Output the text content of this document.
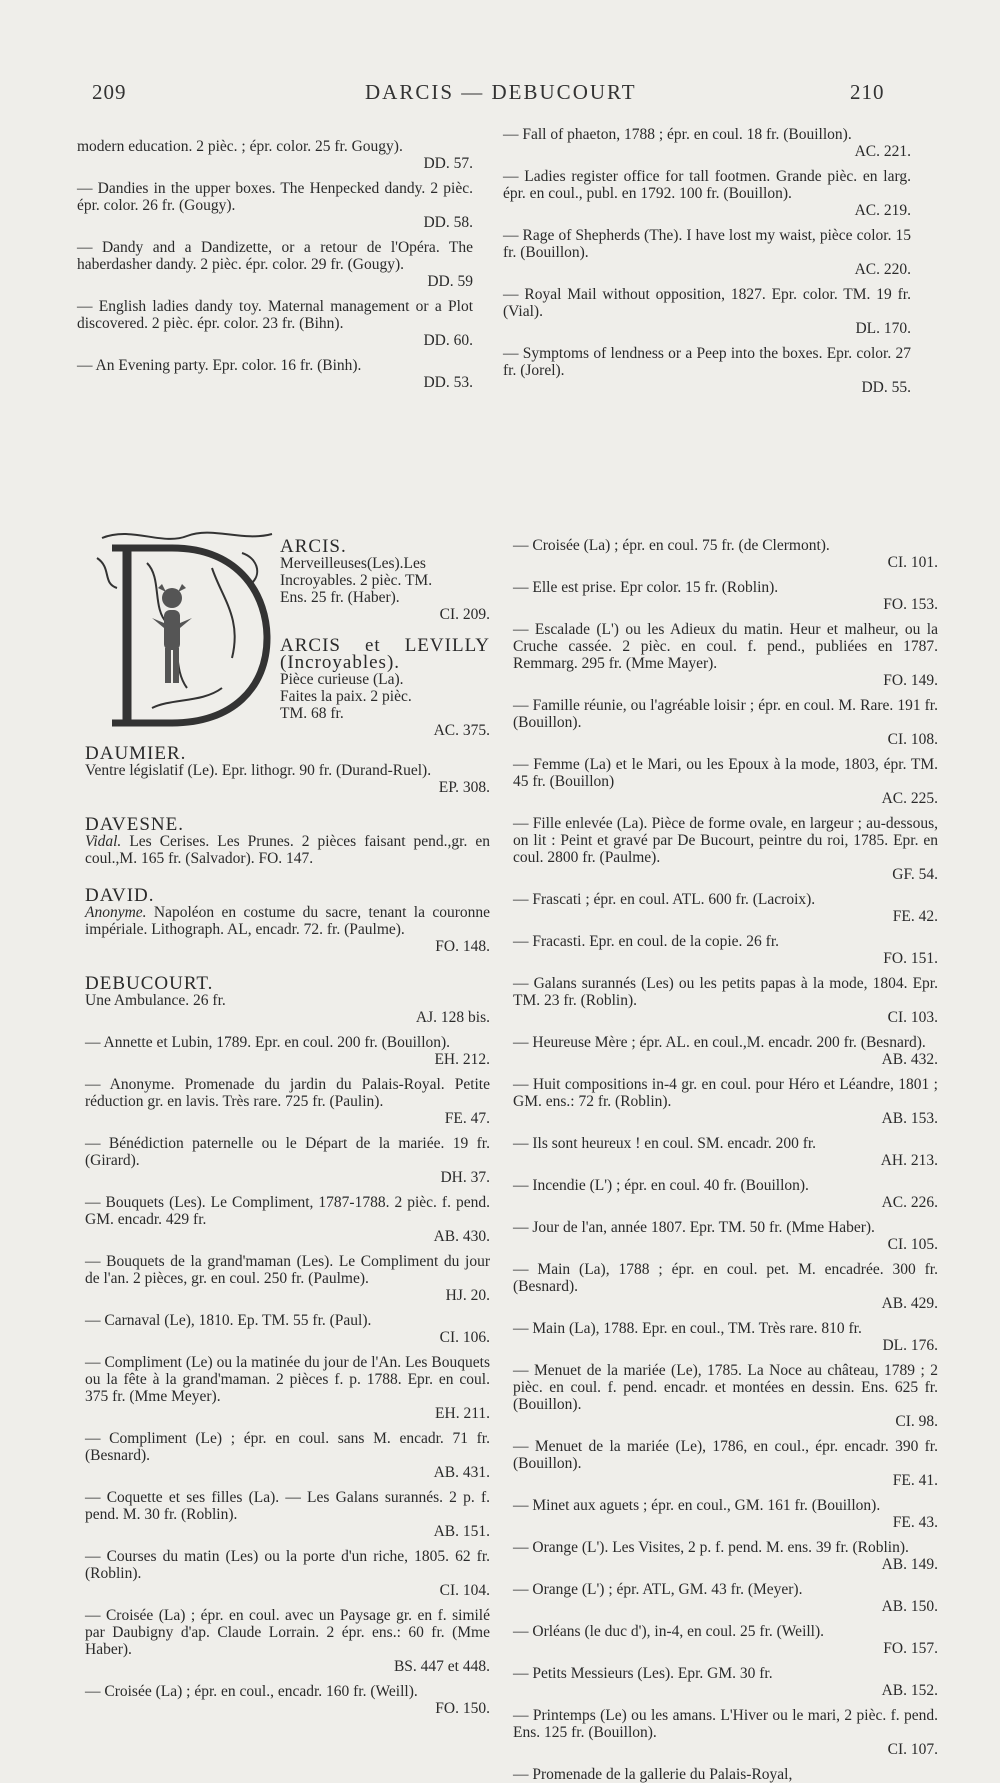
209	DARCIS — DEBUCOURT	210
modern education. 2 pièc. ; épr. color. 25 fr. Gougy).
DD. 57.
— Dandies in the upper boxes. The Henpecked dandy. 2 pièc. épr. color. 26 fr. (Gougy).
DD. 58.
— Dandy and a Dandizette, or a retour de l'Opéra. The haberdasher dandy. 2 pièc. épr. color. 29 fr. (Gougy).
DD. 59
— English ladies dandy toy. Maternal management or a Plot discovered. 2 pièc. épr. color. 23 fr. (Bihn).
DD. 60.
— An Evening party. Epr. color. 16 fr. (Binh).
DD. 53.
— Fall of phaeton, 1788 ; épr. en coul. 18 fr. (Bouillon).
AC. 221.
— Ladies register office for tall footmen. Grande pièc. en larg. épr. en coul., publ. en 1792. 100 fr. (Bouillon).
AC. 219.
— Rage of Shepherds (The). I have lost my waist, pièce color. 15 fr. (Bouillon).
AC. 220.
— Royal Mail without opposition, 1827. Epr. color. TM. 19 fr. (Vial).
DL. 170.
— Symptoms of lendness or a Peep into the boxes. Epr. color. 27 fr. (Jorel).
DD. 55.
ARCIS.
Merveilleuses(Les).Les
Incroyables. 2 pièc. TM.
Ens. 25 fr. (Haber).
CI. 209.
ARCIS et LEVILLY (Incroyables).
Pièce curieuse (La).
Faites la paix. 2 pièc.
TM. 68 fr.
AC. 375.
DAUMIER.
Ventre législatif (Le). Epr. lithogr. 90 fr. (Durand-Ruel).
EP. 308.
DAVESNE.
Vidal. Les Cerises. Les Prunes. 2 pièces faisant pend.,gr. en coul.,M. 165 fr. (Salvador). FO. 147.
DAVID.
Anonyme. Napoléon en costume du sacre, tenant la couronne impériale. Lithograph. AL, encadr. 72. fr. (Paulme).
FO. 148.
DEBUCOURT.
Une Ambulance. 26 fr.
AJ. 128 bis.
— Annette et Lubin, 1789. Epr. en coul. 200 fr. (Bouillon).
EH. 212.
— Anonyme. Promenade du jardin du Palais-Royal. Petite réduction gr. en lavis. Très rare. 725 fr. (Paulin).
FE. 47.
— Bénédiction paternelle ou le Départ de la mariée. 19 fr. (Girard).
DH. 37.
— Bouquets (Les). Le Compliment, 1787-1788. 2 pièc. f. pend. GM. encadr. 429 fr.
AB. 430.
— Bouquets de la grand'maman (Les). Le Compliment du jour de l'an. 2 pièces, gr. en coul. 250 fr. (Paulme).
HJ. 20.
— Carnaval (Le), 1810. Ep. TM. 55 fr. (Paul).
CI. 106.
— Compliment (Le) ou la matinée du jour de l'An. Les Bouquets ou la fête à la grand'maman. 2 pièces f. p. 1788. Epr. en coul. 375 fr. (Mme Meyer).
EH. 211.
— Compliment (Le) ; épr. en coul. sans M. encadr. 71 fr. (Besnard).
AB. 431.
— Coquette et ses filles (La). — Les Galans surannés. 2 p. f. pend. M. 30 fr. (Roblin).
AB. 151.
— Courses du matin (Les) ou la porte d'un riche, 1805. 62 fr. (Roblin).
CI. 104.
— Croisée (La) ; épr. en coul. avec un Paysage gr. en f. similé par Daubigny d'ap. Claude Lorrain. 2 épr. ens.: 60 fr. (Mme Haber).
BS. 447 et 448.
— Croisée (La) ; épr. en coul., encadr. 160 fr. (Weill).
FO. 150.
— Croisée (La) ; épr. en coul. 75 fr. (de Clermont).
CI. 101.
— Elle est prise. Epr color. 15 fr. (Roblin).
FO. 153.
— Escalade (L') ou les Adieux du matin. Heur et malheur, ou la Cruche cassée. 2 pièc. en coul. f. pend., publiées en 1787. Remmarg. 295 fr. (Mme Mayer).
FO. 149.
— Famille réunie, ou l'agréable loisir ; épr. en coul. M. Rare. 191 fr. (Bouillon).
CI. 108.
— Femme (La) et le Mari, ou les Epoux à la mode, 1803, épr. TM. 45 fr. (Bouillon)
AC. 225.
— Fille enlevée (La). Pièce de forme ovale, en largeur ; au-dessous, on lit : Peint et gravé par De Bucourt, peintre du roi, 1785. Epr. en coul. 2800 fr. (Paulme).
GF. 54.
— Frascati ; épr. en coul. ATL. 600 fr. (Lacroix).
FE. 42.
— Fracasti. Epr. en coul. de la copie. 26 fr.
FO. 151.
— Galans surannés (Les) ou les petits papas à la mode, 1804. Epr. TM. 23 fr. (Roblin).
CI. 103.
— Heureuse Mère ; épr. AL. en coul.,M. encadr. 200 fr. (Besnard).
AB. 432.
— Huit compositions in-4 gr. en coul. pour Héro et Léandre, 1801 ; GM. ens.: 72 fr. (Roblin).
AB. 153.
— Ils sont heureux ! en coul. SM. encadr. 200 fr.
AH. 213.
— Incendie (L') ; épr. en coul. 40 fr. (Bouillon).
AC. 226.
— Jour de l'an, année 1807. Epr. TM. 50 fr. (Mme Haber).
CI. 105.
— Main (La), 1788 ; épr. en coul. pet. M. encadrée. 300 fr. (Besnard).
AB. 429.
— Main (La), 1788. Epr. en coul., TM. Très rare. 810 fr.
DL. 176.
— Menuet de la mariée (Le), 1785. La Noce au château, 1789 ; 2 pièc. en coul. f. pend. encadr. et montées en dessin. Ens. 625 fr. (Bouillon).
CI. 98.
— Menuet de la mariée (Le), 1786, en coul., épr. encadr. 390 fr. (Bouillon).
FE. 41.
— Minet aux aguets ; épr. en coul., GM. 161 fr. (Bouillon).
FE. 43.
— Orange (L'). Les Visites, 2 p. f. pend. M. ens. 39 fr. (Roblin).
AB. 149.
— Orange (L') ; épr. ATL, GM. 43 fr. (Meyer).
AB. 150.
— Orléans (le duc d'), in-4, en coul. 25 fr. (Weill).
FO. 157.
— Petits Messieurs (Les). Epr. GM. 30 fr.
AB. 152.
— Printemps (Le) ou les amans. L'Hiver ou le mari, 2 pièc. f. pend. Ens. 125 fr. (Bouillon).
CI. 107.
— Promenade de la gallerie du Palais-Royal,
